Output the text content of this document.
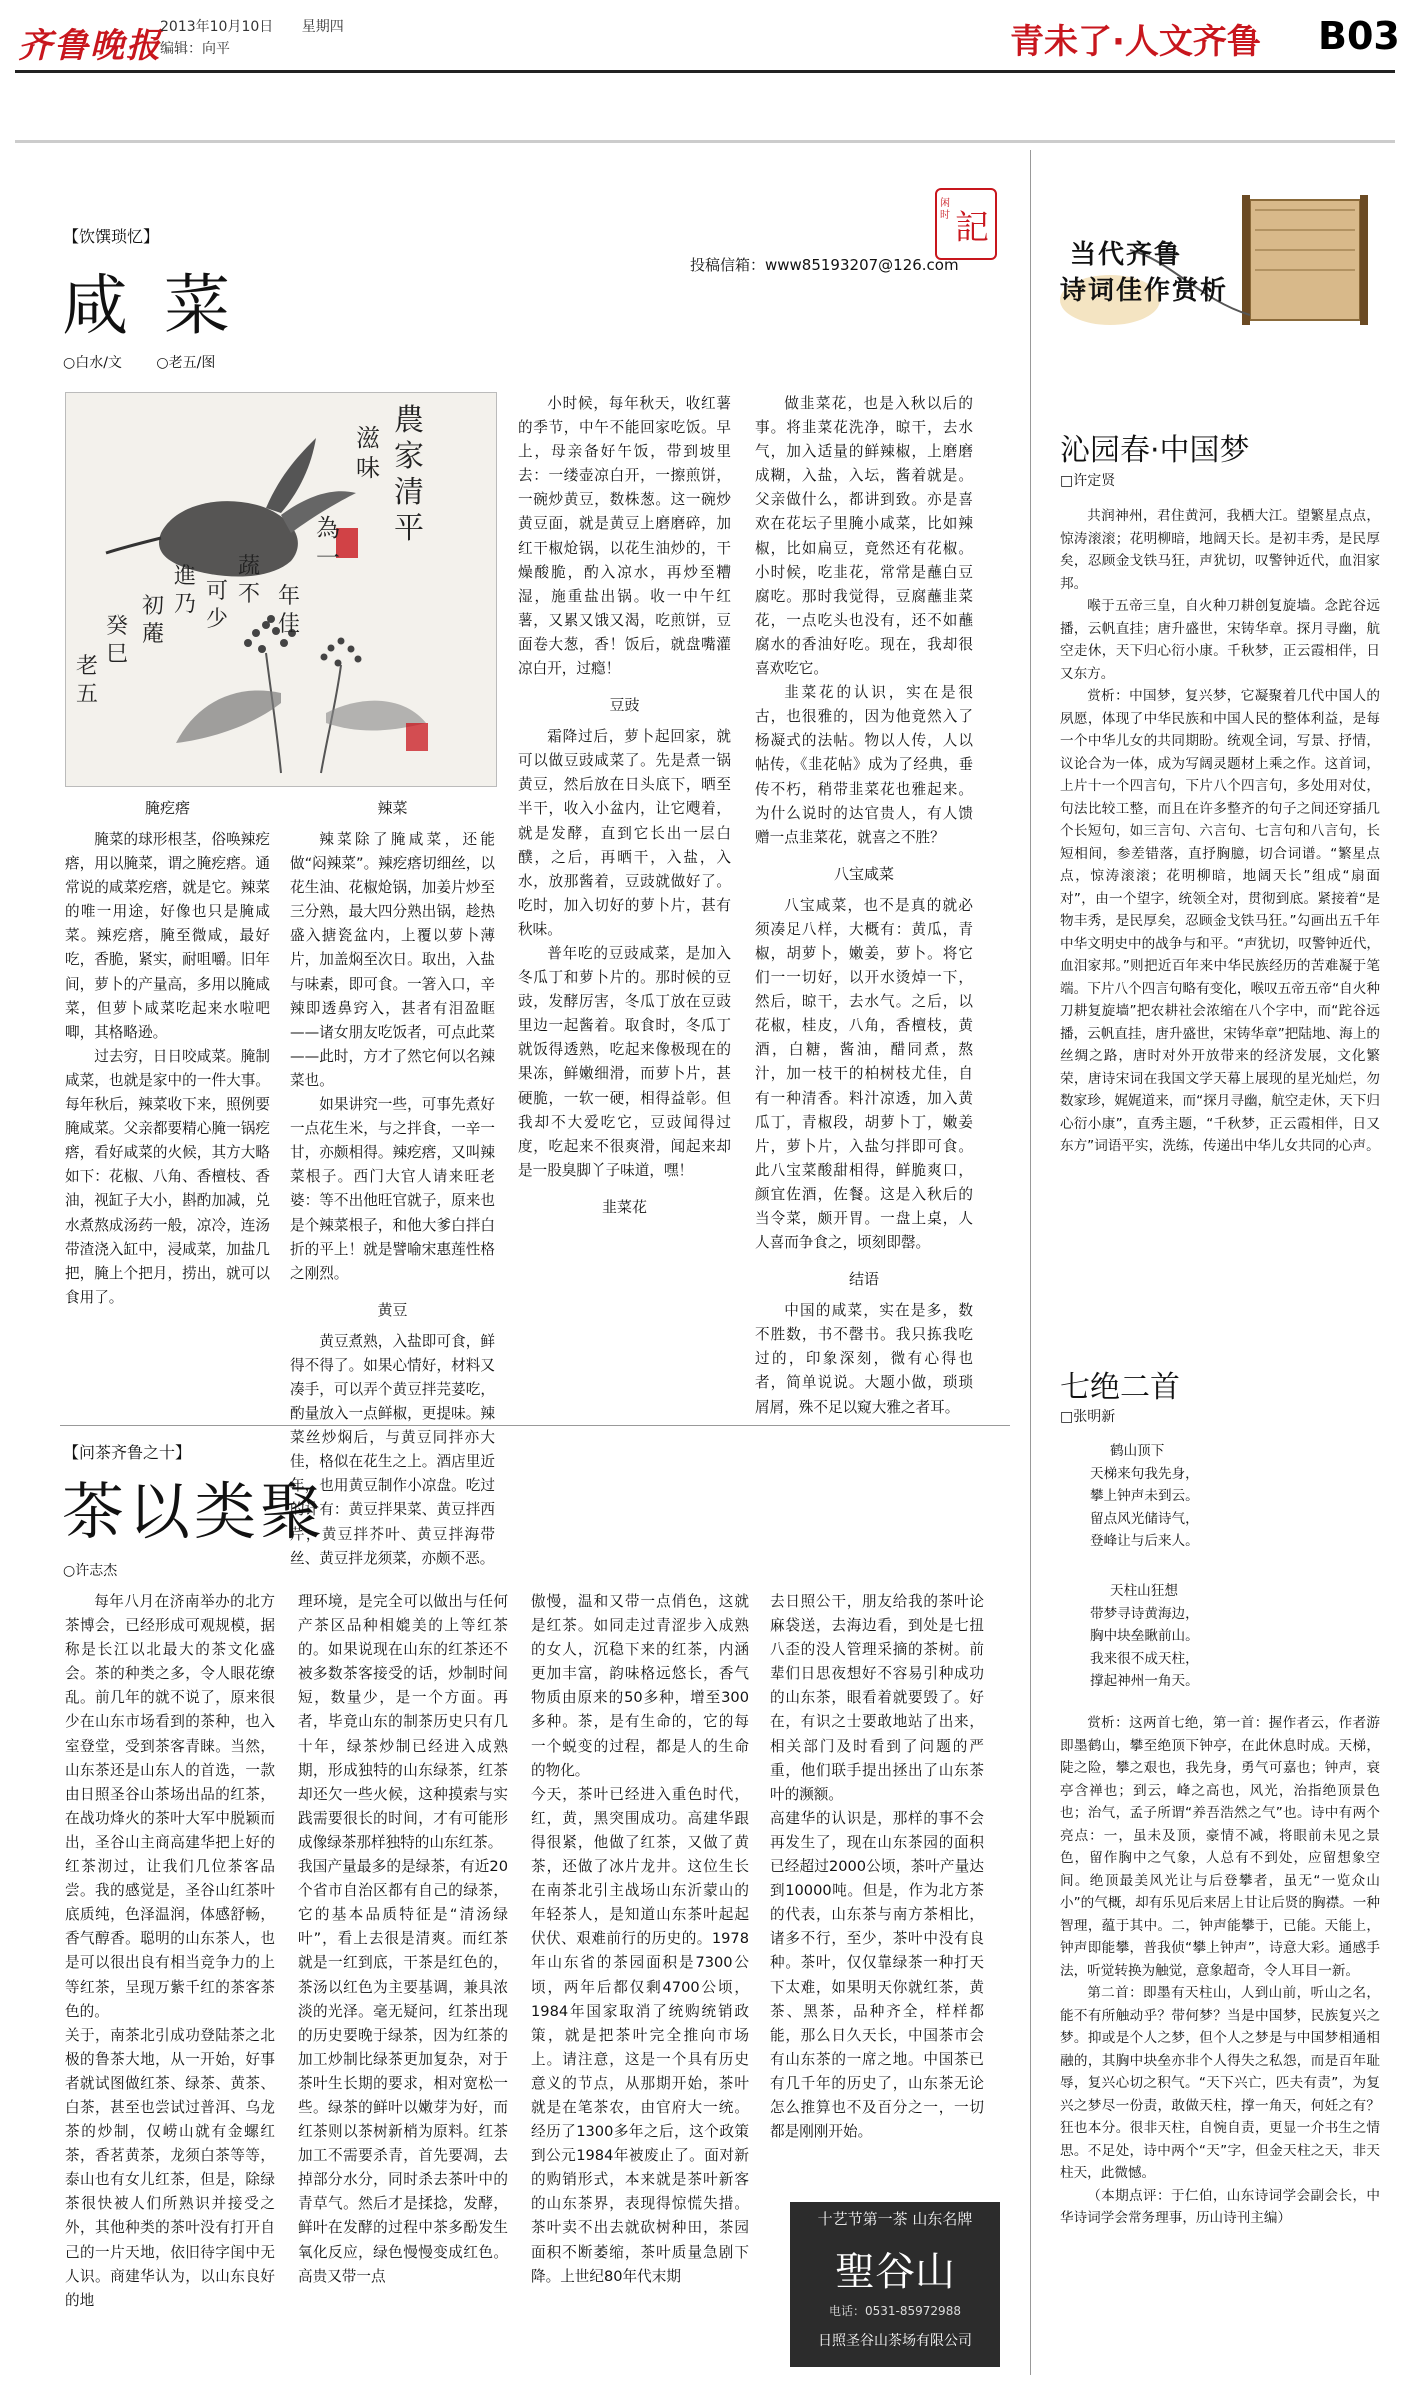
齐鲁晚报
2013年10月10日 星期四
编辑：向平	青未了·人文齐鲁 B03
【饮馔琐忆】
咸菜
○白水/文 ○老五/图
投稿信箱：www85193207@126.com
闲时 記
農家清平
滋味
為一
年佳
蔬不
可少
進乃
初蓭
癸巳
老五
腌疙瘩

腌菜的球形根茎，俗唤辣疙瘩，用以腌菜，谓之腌疙瘩。通常说的咸菜疙瘩，就是它。辣菜的唯一用途，好像也只是腌咸菜。辣疙瘩，腌至微咸，最好吃，香脆，紧实，耐咀嚼。旧年间，萝卜的产量高，多用以腌咸菜，但萝卜咸菜吃起来水啦吧唧，其格略逊。

过去穷，日日咬咸菜。腌制咸菜，也就是家中的一件大事。每年秋后，辣菜收下来，照例要腌咸菜。父亲都要精心腌一锅疙瘩，看好咸菜的火候，其方大略如下：花椒、八角、香檀枝、香油，视缸子大小，斟酌加减，兑水煮熬成汤药一般，凉冷，连汤带渣浇入缸中，浸咸菜，加盐几把，腌上个把月，捞出，就可以食用了。

辣菜

辣菜除了腌咸菜，还能做“闷辣菜”。辣疙瘩切细丝，以花生油、花椒炝锅，加姜片炒至三分熟，最大四分熟出锅，趁热盛入搪瓷盆内，上覆以萝卜薄片，加盖焖至次日。取出，入盐与味素，即可食。一箸入口，辛辣即透鼻窍入，甚者有泪盈眶——诸女朋友吃饭者，可点此菜——此时，方才了然它何以名辣菜也。

如果讲究一些，可事先煮好一点花生米，与之拌食，一辛一甘，亦颇相得。辣疙瘩，又叫辣菜根子。西门大官人请来旺老婆：等不出他旺官就子，原来也是个辣菜根子，和他大爹白拌白折的平上！就是譬喻宋惠莲性格之刚烈。

黄豆

黄豆煮熟，入盐即可食，鲜得不得了。如果心情好，材料又凑手，可以弄个黄豆拌芫荽吃，酌量放入一点鲜椒，更提味。辣菜丝炒焖后，与黄豆同拌亦大佳，格似在花生之上。酒店里近年，也用黄豆制作小凉盘。吃过的计有：黄豆拌果菜、黄豆拌西芹，黄豆拌芥叶、黄豆拌海带丝、黄豆拌龙须菜，亦颇不恶。

小时候，每年秋天，收红薯的季节，中午不能回家吃饭。早上，母亲备好午饭，带到坡里去：一缕壶凉白开，一擦煎饼，一碗炒黄豆，数株葱。这一碗炒黄豆面，就是黄豆上磨磨碎，加红干椒炝锅，以花生油炒的，干燥酸脆，酌入凉水，再炒至糟湿，施重盐出锅。收一中午红薯，又累又饿又渴，吃煎饼，豆面卷大葱，香！饭后，就盘嘴灌凉白开，过瘾！

豆豉

霜降过后，萝卜起回家，就可以做豆豉咸菜了。先是煮一锅黄豆，然后放在日头底下，晒至半干，收入小盆内，让它飕着，就是发酵，直到它长出一层白醭，之后，再晒干，入盐，入水，放那酱着，豆豉就做好了。吃时，加入切好的萝卜片，甚有秋味。

普年吃的豆豉咸菜，是加入冬瓜丁和萝卜片的。那时候的豆豉，发酵厉害，冬瓜丁放在豆豉里边一起酱着。取食时，冬瓜丁就饭得透熟，吃起来像极现在的果冻，鲜嫩细滑，而萝卜片，甚硬脆，一软一硬，相得益彰。但我却不大爱吃它，豆豉闻得过度，吃起来不很爽滑，闻起来却是一股臭脚丫子味道，嘿！

韭菜花

做韭菜花，也是入秋以后的事。将韭菜花洗净，晾干，去水气，加入适量的鲜辣椒，上磨磨成糊，入盐，入坛，酱着就是。父亲做什么，都讲到致。亦是喜欢在花坛子里腌小咸菜，比如辣椒，比如扁豆，竟然还有花椒。小时候，吃韭花，常常是蘸白豆腐吃。那时我觉得，豆腐蘸韭菜花，一点吃头也没有，还不如蘸腐水的香油好吃。现在，我却很喜欢吃它。

韭菜花的认识，实在是很古，也很雅的，因为他竟然入了杨凝式的法帖。物以人传，人以帖传，《韭花帖》成为了经典，垂传不朽，稍带韭菜花也雅起来。为什么说时的达官贵人，有人馈赠一点韭菜花，就喜之不胜？

八宝咸菜

八宝咸菜，也不是真的就必须凑足八样，大概有：黄瓜，青椒，胡萝卜，嫩姜，萝卜。将它们一一切好，以开水烫焯一下，然后，晾干，去水气。之后，以花椒，桂皮，八角，香檀枝，黄酒，白糖，酱油，醋同煮，熬汁，加一枝干的柏树枝尤佳，自有一种清香。料汁凉透，加入黄瓜丁，青椒段，胡萝卜丁，嫩姜片，萝卜片，入盐匀拌即可食。此八宝菜酸甜相得，鲜脆爽口，颜宜佐酒，佐餐。这是入秋后的当令菜，颇开胃。一盘上桌，人人喜而争食之，顷刻即罄。

结语

中国的咸菜，实在是多，数不胜数，书不罄书。我只拣我吃过的，印象深刻，微有心得也者，简单说说。大题小做，琐琐屑屑，殊不足以窥大雅之者耳。

【问茶齐鲁之十】
茶以类聚
○许志杰
每年八月在济南举办的北方茶博会，已经形成可观规模，据称是长江以北最大的茶文化盛会。茶的种类之多，令人眼花缭乱。前几年的就不说了，原来很少在山东市场看到的茶种，也入室登堂，受到茶客青睐。当然，山东茶还是山东人的首选，一款由日照圣谷山茶场出品的红茶，在战功烽火的茶叶大军中脱颖而出，圣谷山主商高建华把上好的红茶沏过，让我们几位茶客品尝。我的感觉是，圣谷山红茶叶底质纯，色泽温润，体感舒畅，香气醇香。聪明的山东茶人，也是可以很出良有相当竞争力的上等红茶，呈现万紫千红的茶客茶色的。
关于，南茶北引成功登陆茶之北极的鲁茶大地，从一开始，好事者就试图做红茶、绿茶、黄茶、白茶，甚至也尝试过普洱、乌龙茶的炒制，仅崂山就有金螺红茶，香茗黄茶，龙须白茶等等，泰山也有女儿红茶，但是，除绿茶很快被人们所熟识并接受之外，其他种类的茶叶没有打开自己的一片天地，依旧待字闺中无人识。商建华认为，以山东良好的地
理环境，是完全可以做出与任何产茶区品种相媲美的上等红茶的。如果说现在山东的红茶还不被多数茶客接受的话，炒制时间短，数量少，是一个方面。再者，毕竟山东的制茶历史只有几十年，绿茶炒制已经进入成熟期，形成独特的山东绿茶，红茶却还欠一些火候，这种摸索与实践需要很长的时间，才有可能形成像绿茶那样独特的山东红茶。
我国产量最多的是绿茶，有近20个省市自治区都有自己的绿茶，它的基本品质特征是“清汤绿叶”，看上去很是清爽。而红茶就是一红到底，干茶是红色的，茶汤以红色为主要基调，兼具浓淡的光泽。毫无疑问，红茶出现的历史要晚于绿茶，因为红茶的加工炒制比绿茶更加复杂，对于茶叶生长期的要求，相对宽松一些。绿茶的鲜叶以嫩芽为好，而红茶则以茶树新梢为原料。红茶加工不需要杀青，首先要凋，去掉部分水分，同时杀去茶叶中的青草气。然后才是揉捻，发酵，鲜叶在发酵的过程中茶多酚发生氧化反应，绿色慢慢变成红色。高贵又带一点
傲慢，温和又带一点俏色，这就是红茶。如同走过青涩步入成熟的女人，沉稳下来的红茶，内涵更加丰富，韵味格远悠长，香气物质由原来的50多种，增至300多种。茶，是有生命的，它的每一个蜕变的过程，都是人的生命的物化。
今天，茶叶已经进入重色时代，红，黄，黑突围成功。高建华跟得很紧，他做了红茶，又做了黄茶，还做了冰片龙井。这位生长在南茶北引主战场山东沂蒙山的年轻茶人，是知道山东茶叶起起伏伏、艰难前行的历史的。1978年山东省的茶园面积是7300公顷，两年后都仅剩4700公顷，1984年国家取消了统购统销政策，就是把茶叶完全推向市场上。请注意，这是一个具有历史意义的节点，从那期开始，茶叶就是在笔茶农，由官府大一统。经历了1300多年之后，这个政策到公元1984年被废止了。面对新的购销形式，本来就是茶叶新客的山东茶界，表现得惊慌失措。茶叶卖不出去就砍树种田，茶园面积不断萎缩，茶叶质量急剧下降。上世纪80年代末期
去日照公干，朋友给我的茶叶论麻袋送，去海边看，到处是七扭八歪的没人管理采摘的茶树。前辈们日思夜想好不容易引种成功的山东茶，眼看着就要毁了。好在，有识之士要敢地站了出来，相关部门及时看到了问题的严重，他们联手提出拯出了山东茶叶的濒额。
高建华的认识是，那样的事不会再发生了，现在山东茶园的面积已经超过2000公顷，茶叶产量达到10000吨。但是，作为北方茶的代表，山东茶与南方茶相比，诸多不行，至少，茶叶中没有良种。茶叶，仅仅靠绿茶一种打天下太难，如果明天你就红茶，黄茶、黑茶，品种齐全，样样都能，那么日久天长，中国茶市会有山东茶的一席之地。中国茶已有几千年的历史了，山东茶无论怎么推算也不及百分之一，一切都是刚刚开始。
十艺节第一茶 山东名牌
聖谷山
电话：0531-85972988
日照圣谷山茶场有限公司
当代齐鲁
诗词佳作赏析
沁园春·中国梦
□许定贤

共润神州，君住黄河，我栖大江。望繁星点点，惊涛滚滚；花明柳暗，地阔天长。是初丰秀，是民厚矣，忍顾金戈铁马狂，声犹切，叹警钟近代，血泪家邦。

喉于五帝三皇，自火种刀耕创复旋墙。念跎谷远播，云帆直挂；唐升盛世，宋铸华章。探月寻幽，航空走休，天下归心衍小康。千秋梦，正云霞相伴，日又东方。

赏析：中国梦，复兴梦，它凝聚着几代中国人的夙愿，体现了中华民族和中国人民的整体利益，是每一个中华儿女的共同期盼。统观全词，写景、抒情，议论合为一体，成为写阔灵题材上乘之作。这首词，上片十一个四言句，下片八个四言句，多处用对仗，句法比较工整，而且在许多整齐的句子之间还穿插几个长短句，如三言句、六言句、七言句和八言句，长短相间，参差错落，直抒胸臆，切合词谱。“繁星点点，惊涛滚滚；花明柳暗，地阔天长”组成“扇面对”，由一个望字，统领全对，贯彻到底。紧接着“是物丰秀，是民厚矣，忍顾金戈铁马狂。”勾画出五千年中华文明史中的战争与和平。“声犹切，叹警钟近代，血泪家邦。”则把近百年来中华民族经历的苦难凝于笔端。下片八个四言句略有变化，喉叹五帝五帝“自火种刀耕复旋墙”把农耕社会浓缩在八个字中，而“跎谷远播，云帆直挂，唐升盛世，宋铸华章”把陆地、海上的丝绸之路，唐时对外开放带来的经济发展，文化繁荣，唐诗宋词在我国文学天幕上展现的星光灿烂，勿数家珍，娓娓道来，而“探月寻幽，航空走休，天下归心衍小康”，直秀主题，“千秋梦，正云霞相伴，日又东方”词语平实，洗练，传递出中华儿女共同的心声。

七绝二首
□张明新

鹤山顶下

天梯来句我先身，

攀上钟声未到云。

留点风光储诗气，

登峰让与后来人。

天柱山狂想

带梦寻诗黄海边，

胸中块垒瞅前山。

我来很不成天柱，

撑起神州一角天。

赏析：这两首七绝，第一首：握作者云，作者游即墨鹤山，攀至绝顶下钟亭，在此休息时成。天梯，陡之险，攀之艰也，我先身，勇气可嘉也；钟声，衰亭含禅也；到云，峰之高也，风光，治指绝顶景色也；治气，孟子所谓“养吾浩然之气”也。诗中有两个亮点：一，虽未及顶，豪情不减，将眼前未见之景色，留作胸中之气象，人总有不到处，应留想象空间。绝顶最美风光让与后登攀者，虽无“一览众山小”的气概，却有乐见后来居上甘让后贤的胸襟。一种智理，蕴于其中。二，钟声能攀于，已能。天能上，钟声即能攀，普我侦“攀上钟声”，诗意大彩。通感手法，听觉转换为触觉，意象超奇，令人耳目一新。

第二首：即墨有天柱山，人到山前，听山之名，能不有所触动乎？带何梦？当是中国梦，民族复兴之梦。抑或是个人之梦，但个人之梦是与中国梦相通相融的，其胸中块垒亦非个人得失之私怨，而是百年耻辱，复兴心切之积气。“天下兴亡，匹夫有责”，为复兴之梦尽一份责，敢做天柱，撑一角天，何妊之有？狂也本分。很非天柱，自惋自责，更显一介书生之情思。不足处，诗中两个“天”字，但金天柱之天，非天柱天，此微憾。

（本期点评：于仁伯，山东诗词学会副会长，中华诗词学会常务理事，历山诗刊主编）
